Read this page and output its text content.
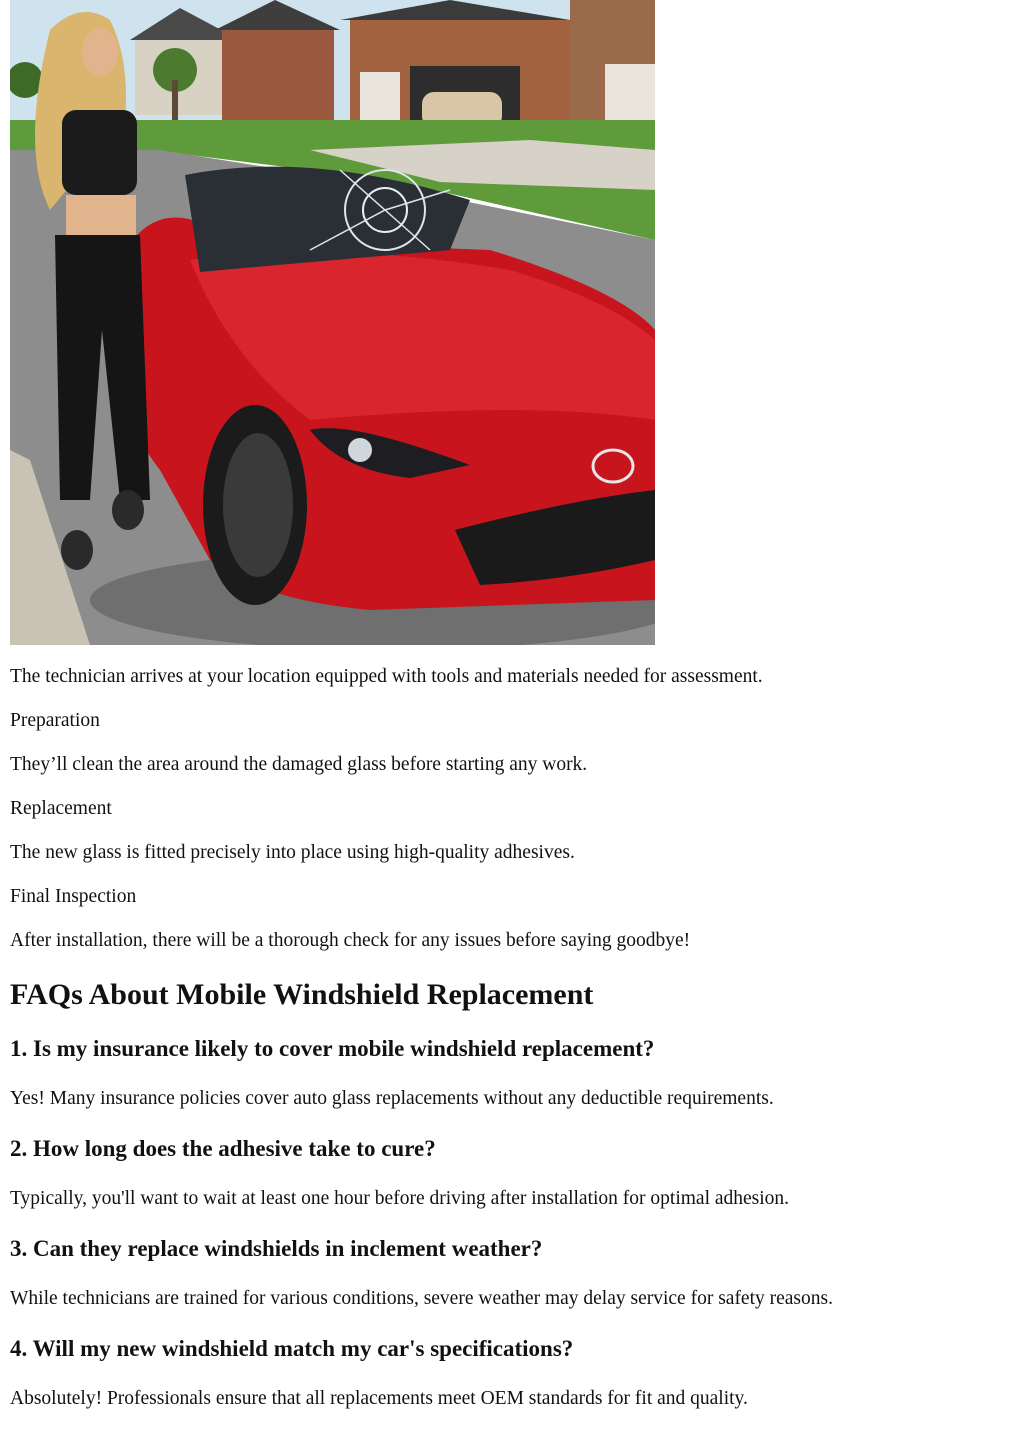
The technician arrives at your location equipped with tools and materials needed for assessment.

Preparation

They’ll clean the area around the damaged glass before starting any work.

Replacement

The new glass is fitted precisely into place using high-quality adhesives.

Final Inspection

After installation, there will be a thorough check for any issues before saying goodbye!

FAQs About Mobile Windshield Replacement
1. Is my insurance likely to cover mobile windshield replacement?

Yes! Many insurance policies cover auto glass replacements without any deductible requirements.

2. How long does the adhesive take to cure?

Typically, you'll want to wait at least one hour before driving after installation for optimal adhesion.

3. Can they replace windshields in inclement weather?

While technicians are trained for various conditions, severe weather may delay service for safety reasons.

4. Will my new windshield match my car's specifications?

Absolutely! Professionals ensure that all replacements meet OEM standards for fit and quality.
